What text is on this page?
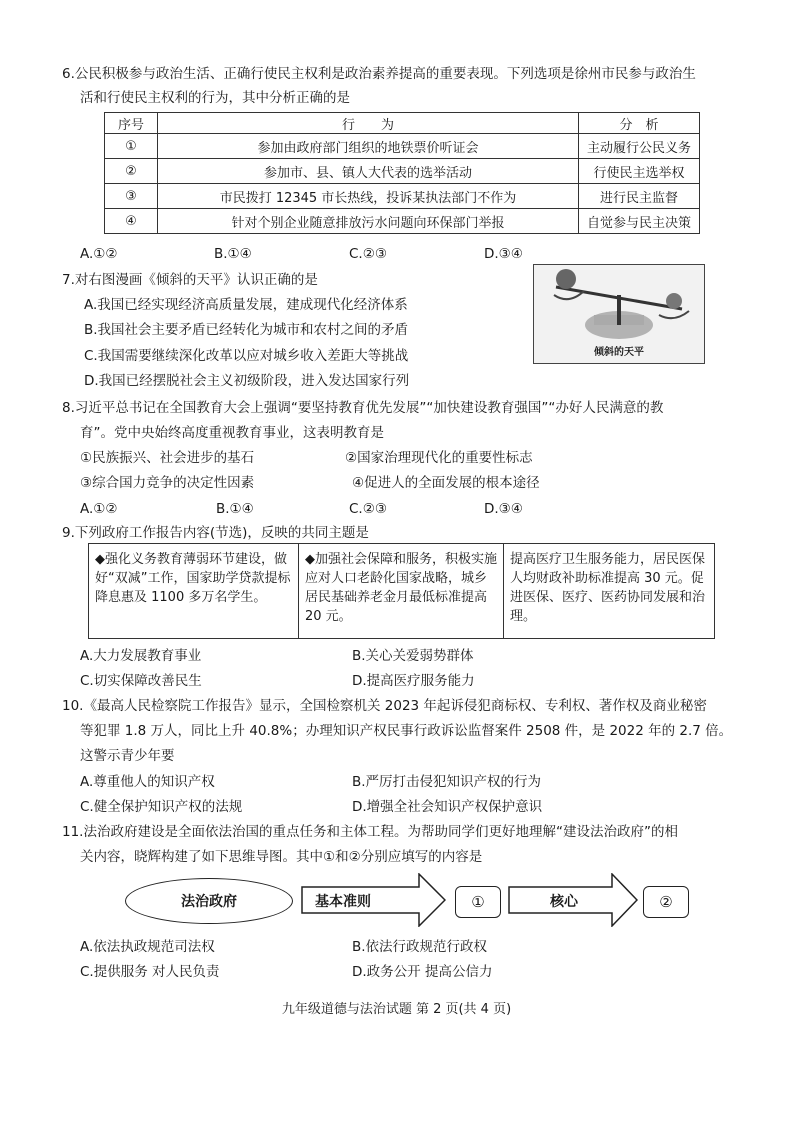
6.公民积极参与政治生活、正确行使民主权利是政治素养提高的重要表现。下列选项是徐州市民参与政治生
活和行使民主权利的行为，其中分析正确的是
序号	行　　为	分　析
①	参加由政府部门组织的地铁票价听证会	主动履行公民义务
②	参加市、县、镇人大代表的选举活动	行使民主选举权
③	市民拨打 12345 市长热线，投诉某执法部门不作为	进行民主监督
④	针对个别企业随意排放污水问题向环保部门举报	自觉参与民主决策
A.①②	B.①④	C.②③	D.③④
7.对右图漫画《倾斜的天平》认识正确的是
A.我国已经实现经济高质量发展，建成现代化经济体系
B.我国社会主要矛盾已经转化为城市和农村之间的矛盾
C.我国需要继续深化改革以应对城乡收入差距大等挑战
D.我国已经摆脱社会主义初级阶段，进入发达国家行列
倾斜的天平
8.习近平总书记在全国教育大会上强调“要坚持教育优先发展”“加快建设教育强国”“办好人民满意的教
育”。党中央始终高度重视教育事业，这表明教育是
①民族振兴、社会进步的基石	②国家治理现代化的重要性标志
③综合国力竞争的决定性因素	④促进人的全面发展的根本途径
A.①②	B.①④	C.②③	D.③④
9.下列政府工作报告内容(节选)，反映的共同主题是
◆强化义务教育薄弱环节建设，做好“双减”工作，国家助学贷款提标降息惠及 1100 多万名学生。
◆加强社会保障和服务，积极实施应对人口老龄化国家战略，城乡居民基础养老金月最低标准提高 20 元。
提高医疗卫生服务能力，居民医保人均财政补助标准提高 30 元。促进医保、医疗、医药协同发展和治理。
A.大力发展教育事业	B.关心关爱弱势群体
C.切实保障改善民生	D.提高医疗服务能力
10.《最高人民检察院工作报告》显示，全国检察机关 2023 年起诉侵犯商标权、专利权、著作权及商业秘密
等犯罪 1.8 万人，同比上升 40.8%；办理知识产权民事行政诉讼监督案件 2508 件，是 2022 年的 2.7 倍。
这警示青少年要
A.尊重他人的知识产权	B.严厉打击侵犯知识产权的行为
C.健全保护知识产权的法规	D.增强全社会知识产权保护意识
11.法治政府建设是全面依法治国的重点任务和主体工程。为帮助同学们更好地理解“建设法治政府”的相
关内容，晓辉构建了如下思维导图。其中①和②分别应填写的内容是
法治政府	基本准则	①	核心	②
A.依法执政规范司法权	B.依法行政规范行政权
C.提供服务 对人民负责	D.政务公开 提高公信力
九年级道德与法治试题 第 2 页(共 4 页)
